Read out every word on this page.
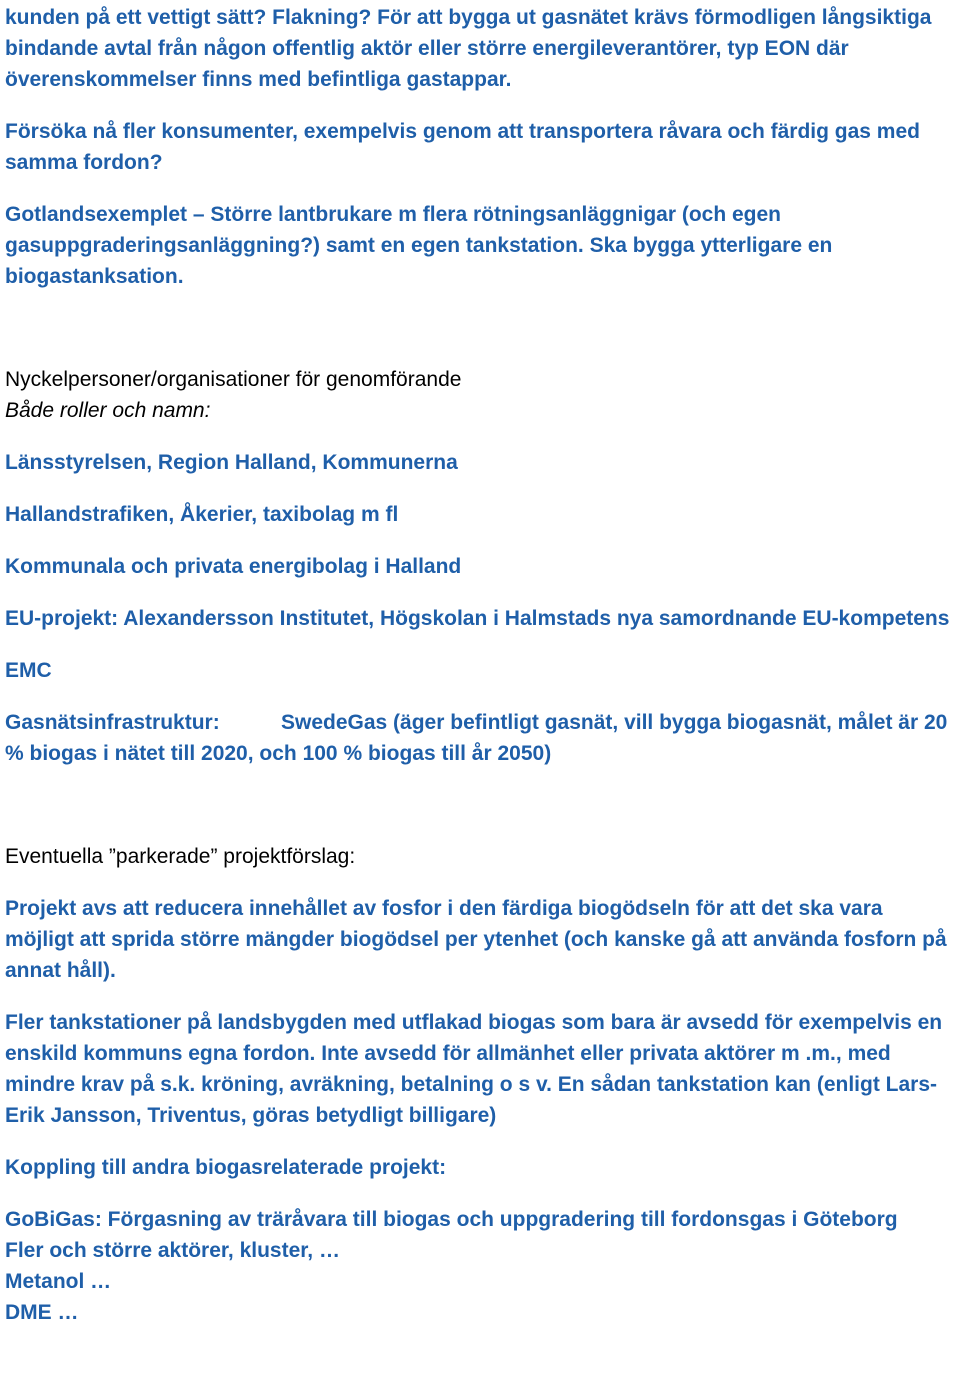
kunden på ett vettigt sätt? Flakning? För att bygga ut gasnätet krävs förmodligen långsiktiga bindande avtal från någon offentlig aktör eller större energileverantörer, typ EON där överenskommelser finns med befintliga gastappar.

Försöka nå fler konsumenter, exempelvis genom att transportera råvara och färdig gas med samma fordon?

Gotlandsexemplet – Större lantbrukare m flera rötningsanläggnigar (och egen gasuppgraderingsanläggning?) samt en egen tankstation. Ska bygga ytterligare en biogastanksation.

Nyckelpersoner/organisationer för genomförande

Både roller och namn:

Länsstyrelsen, Region Halland, Kommunerna

Hallandstrafiken, Åkerier, taxibolag m fl

Kommunala och privata energibolag i Halland

EU-projekt: Alexandersson Institutet, Högskolan i Halmstads nya samordnande EU-kompetens

EMC

Gasnätsinfrastruktur:	SwedeGas (äger befintligt gasnät, vill bygga biogasnät, målet är 20 % biogas i nätet till 2020, och 100 % biogas till år 2050)

Eventuella ”parkerade” projektförslag:

Projekt avs att reducera innehållet av fosfor i den färdiga biogödseln för att det ska vara möjligt att sprida större mängder biogödsel per ytenhet (och kanske gå att använda fosforn på annat håll).

Fler tankstationer på landsbygden med utflakad biogas som bara är avsedd för exempelvis en enskild kommuns egna fordon. Inte avsedd för allmänhet eller privata aktörer m .m., med mindre krav på s.k. kröning, avräkning, betalning o s v. En sådan tankstation kan (enligt Lars-Erik Jansson, Triventus, göras betydligt billigare)

Koppling till andra biogasrelaterade projekt:

GoBiGas: Förgasning av träråvara till biogas och uppgradering till fordonsgas i Göteborg

Fler och större aktörer, kluster, …

Metanol …

DME …
